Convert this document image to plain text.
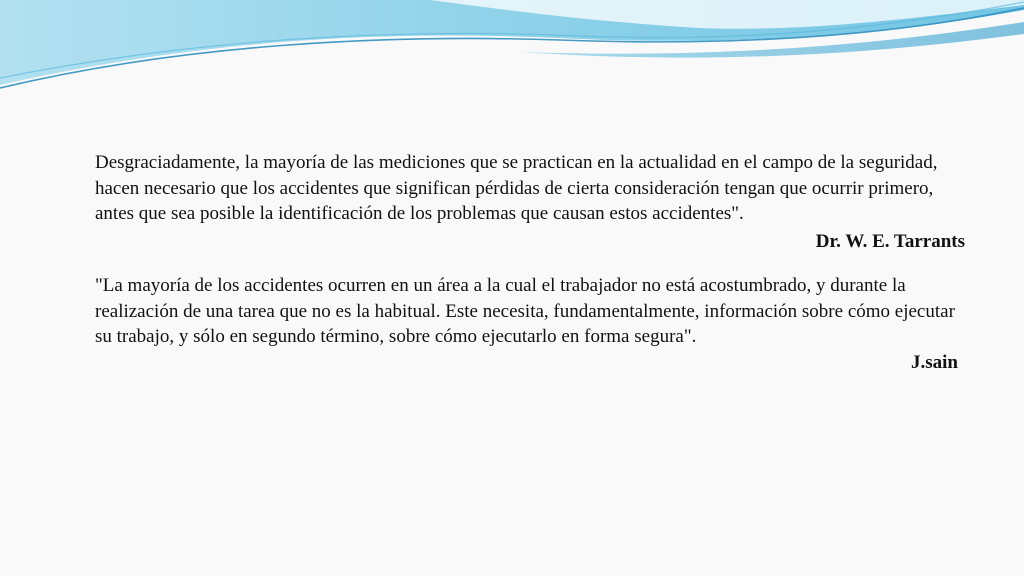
Desgraciadamente, la mayoría de las mediciones que se practican en la actualidad en el campo de la seguridad, hacen necesario que los accidentes que significan pérdidas de cierta consideración tengan que ocurrir primero, antes que sea posible la identificación de los problemas que causan estos accidentes".

Dr. W. E. Tarrants

"La mayoría de los accidentes ocurren en un área a la cual el trabajador no está acostumbrado, y durante la realización de una tarea que no es la habitual. Este necesita, fundamentalmente, información sobre cómo ejecutar su trabajo, y sólo en segundo término, sobre cómo ejecutarlo en forma segura".

J.sain
